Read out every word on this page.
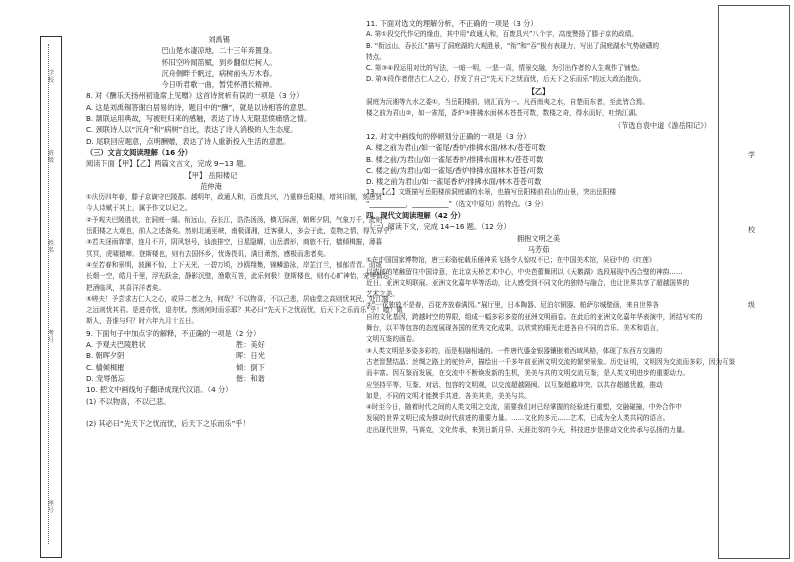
学校
班级
姓名
考号
座号
学
校
级
刘禹锡
巴山楚水凄凉地，二十三年弃置身。
怀旧空吟闻笛赋，到乡翻似烂柯人。
沉舟侧畔千帆过，病树前头万木春。
今日听君歌一曲，暂凭杯酒长精神。
8. 对《酬乐天扬州初逢席上见赠》这首诗赏析有误的一项是（3 分）
A. 这是刘禹锡答谢白居易的诗，题目中的“酬”，就是以诗相答的意思。
B. 颔联运用典故，写被贬归来的感触，表达了诗人无限悲愤痛惜之情。
C. 颈联诗人以“沉舟”和“病树”自比，表达了诗人消极的人生态度。
D. 尾联回应题意，点明酬赠，表达了诗人重新投入生活的意愿。
（三）文言文阅读理解（16 分）
阅读下面【甲】【乙】两篇文言文，完成 9~13 题。
【甲】 岳阳楼记
范仲淹
①庆历四年春，滕子京谪守巴陵郡。越明年，政通人和，百废具兴，乃重修岳阳楼，增其旧制，刻唐贤
今人诗赋于其上，属予作文以记之。
②予观夫巴陵胜状，在洞庭一湖。衔远山，吞长江，浩浩汤汤，横无际涯，朝晖夕阴，气象万千，此则
岳阳楼之大观也，前人之述备矣。然则北通巫峡，南极潇湘，迁客骚人，多会于此，览物之情，得无异乎？
③若夫淫雨霏霏，连月不开，阴风怒号，浊浪排空，日星隐曜，山岳潜形，商旅不行，樯倾楫摧，薄暮
冥冥，虎啸猿啼。登斯楼也，则有去国怀乡，忧谗畏讥，满目萧然，感极而悲者矣。
④至若春和景明，波澜不惊，上下天光，一碧万顷，沙鸥翔集，锦鳞游泳，岸芷汀兰，郁郁青青。而或
长烟一空，皓月千里，浮光跃金，静影沉璧，渔歌互答，此乐何极！登斯楼也，则有心旷神怡，宠辱偕忘，
把酒临风，其喜洋洋者矣。
⑤嗟夫！予尝求古仁人之心，或异二者之为，何哉？不以物喜，不以己悲，居庙堂之高则忧其民，处江湖
之远则忧其君。是进亦忧，退亦忧。然则何时而乐耶？其必曰“先天下之忧而忧，后天下之乐而乐”乎！噫！微
斯人，吾谁与归？时六年九月十五日。
9. 下面句子中加点字的解释，不正确的一项是（2 分）
A. 予观夫巴陵胜状	胜：美好
B. 朝晖夕阴	晖：日光
C. 樯倾楫摧	倾：倒下
D. 宠辱偕忘	偕：和谐
10. 把文中画线句子翻译成现代汉语。（4 分）
(1) 不以物喜，不以己悲。
(2) 其必曰“先天下之忧而忧，后天下之乐而乐”乎！
11. 下面对选文的理解分析，不正确的一项是（3 分）
A. 第①段交代作记的缘由，其中用“政通人和，百废具兴”八个字，高度赞扬了滕子京的政绩。
B. “衔远山，吞长江”描写了洞庭湖的大观胜景，“衔”和“吞”极有表现力，写出了洞庭湖水气势磅礴的
特点。
C. 第③④段运用对比的写法，一暗一明，一悲一喜，情景交融，为引出作者的人生观作了铺垫。
D. 第⑤段作者借古仁人之心，抒发了自己“先天下之忧而忧，后天下之乐而乐”的远大政治抱负。
【乙】
洞庭为沅湘等九水之委①，当岳阳楼前，则汇而为一。凡西南夷之水，自楚而东者，至此皆合焉。
楼之前为君山②，如一雀尾，香炉③排拂水面林木苍苍可数，数楼之奇，得水而好，吐纳江湖。
（节选自袁中道《游岳阳记》）
12. 对文中画线句的停顿划分正确的一项是（3 分）
A. 楼之前为君山/如一雀尾/香炉/排拂水面/林木/苍苍可数
B. 楼之前/为君山/如一雀尾香炉/排拂水面林木/苍苍可数
C. 楼之前/为君山/如一雀尾/香炉排拂水面林木苍苍/可数
D. 楼之前为君山/如一雀尾香炉/排拂水面/林木苍苍可数
13. 【乙】文既描写岳阳楼前洞庭湖的水景，也描写岳阳楼前君山的山景，突出岳阳楼
“___________，___________”（选文中原句）的特点。（3 分）
四、现代文阅读理解（42 分）
（一）阅读下文，完成 14~16 题。（12 分）
拥抱文明之美
马芳茹
①在中国国家博物馆，唐三彩骆驼载乐俑神采飞扬令人惊叹不已；在中国美术馆，吴冠中的《红莲》
以浓郁的笔触留住中国诗意，在北京天桥艺术中心，中央芭蕾舞团以《天鹅湖》选段展现中西合璧的神韵……
近日，亚洲文明联展、亚洲文化嘉年华等活动，让人感受到不同文化的独特与融合，也让世界共享了超越国界的
艺术之美。
②“一花独放不是春，百花齐放春满园。”展厅里，日本陶器、尼泊尔铜器、帕萨尔城壁画，来自世界各
自的文化基因，跨越时空的界限，组成一幅多彩多姿的亚洲文明画卷。在此后的亚洲文化嘉年华表演中，团结写实的
舞台，以平等包容的态度展现各国的优秀文化成果，以欣赏的眼光走进各自不同的音乐、美术和语言，
文明互鉴的画卷。
③人类文明是多姿多彩的，而是相融相通的。一件唐代鎏金银器镶嵌着西域风格，体现了东西方交融的
古老智慧结晶；丝绸之路上的驼铃声，描绘出一千多年前亚洲文明交流的繁荣景象。历史证明，文明因为交流而多彩，因为互鉴
而丰富。因互鉴而发展，在交流中不断焕发新的生机，美美与共的文明交流互鉴，是人类文明进步的重要动力。
应坚持平等、互鉴、对话、包容的文明观，以交流超越隔阂、以互鉴超越冲突、以共存超越优越，推动
如是，不同的文明才能携手共进、各美其美，美美与共。
④时至今日，随着时代之间的人类文明之交流，需要我们对已经掌握的经验进行重塑，交融碰撞，中外合作中
发展的世界文明已成为推动时代前进的重要力量。……文化的多元……艺术，已成为全人类共同的语言。
走出现代世界，马赛克，文化传承，来到日新月异、天涯比邻的今天，科技进步是推动文化传承与弘扬的力量。
